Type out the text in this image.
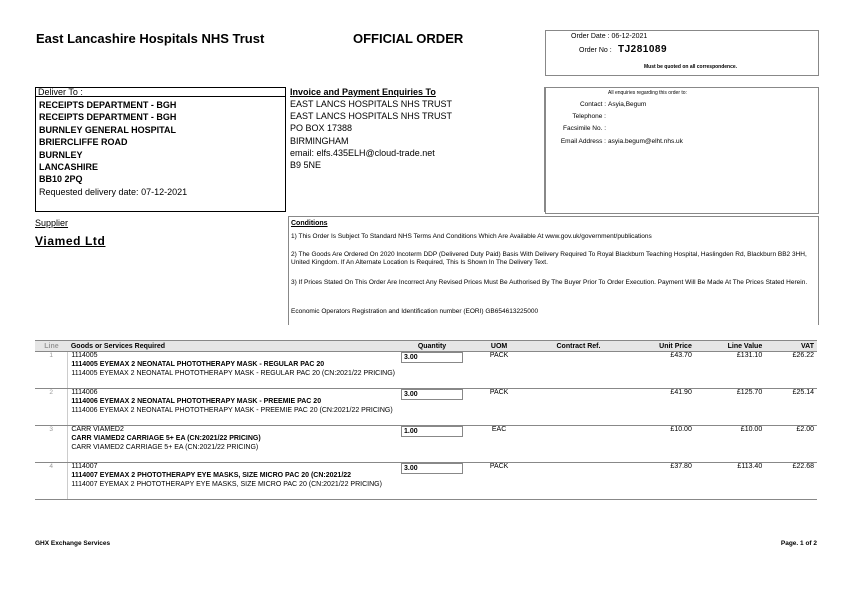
East Lancashire Hospitals NHS Trust	OFFICIAL ORDER	Order Date : 06-12-2021
Order No : TJ281089
Must be quoted on all correspondence.
Deliver To :
RECEIPTS DEPARTMENT - BGH
RECEIPTS DEPARTMENT - BGH
BURNLEY GENERAL HOSPITAL
BRIERCLIFFE ROAD
BURNLEY
LANCASHIRE
BB10 2PQ
Requested delivery date: 07-12-2021
Invoice and Payment Enquiries To
EAST LANCS HOSPITALS NHS TRUST
EAST LANCS HOSPITALS NHS TRUST
PO BOX 17388
BIRMINGHAM
email: elfs.435ELH@cloud-trade.net
B9 5NE
All enquiries regarding this order to:
Contact : Asyia,Begum
Telephone :
Facsimile No. :
Email Address : asyia.begum@elht.nhs.uk
Supplier
Viamed Ltd
Conditions
1) This Order Is Subject To Standard NHS Terms And Conditions Which Are Available At www.gov.uk/government/publications
2) The Goods Are Ordered On 2020 Incoterm DDP (Delivered Duty Paid) Basis With Delivery Required To Royal Blackburn Teaching Hospital, Haslingden Rd, Blackburn BB2 3HH, United Kingdom. If An Alternate Location Is Required, This Is Shown In The Delivery Text.
3) If Prices Stated On This Order Are Incorrect Any Revised Prices Must Be Authorised By The Buyer Prior To Order Execution. Payment Will Be Made At The Prices Stated Herein.
Economic Operators Registration and Identification number (EORI) GB654613225000
Line	Goods or Services Required	Quantity	UOM	Contract Ref.	Unit Price	Line Value	VAT
1	1114005
1114005 EYEMAX 2 NEONATAL PHOTOTHERAPY MASK - REGULAR PAC 20
1114005 EYEMAX 2 NEONATAL PHOTOTHERAPY MASK - REGULAR PAC 20 (CN:2021/22 PRICING)	3.00	PACK		£43.70	£131.10	£26.22
2	1114006
1114006 EYEMAX 2 NEONATAL PHOTOTHERAPY MASK - PREEMIE PAC 20
1114006 EYEMAX 2 NEONATAL PHOTOTHERAPY MASK - PREEMIE PAC 20 (CN:2021/22 PRICING)	3.00	PACK		£41.90	£125.70	£25.14
3	CARR VIAMED2
CARR VIAMED2 CARRIAGE 5+ EA (CN:2021/22 PRICING)
CARR VIAMED2 CARRIAGE 5+ EA (CN:2021/22 PRICING)	1.00	EAC		£10.00	£10.00	£2.00
4	1114007
1114007 EYEMAX 2 PHOTOTHERAPY EYE MASKS, SIZE MICRO PAC 20 (CN:2021/22
1114007 EYEMAX 2 PHOTOTHERAPY EYE MASKS, SIZE MICRO PAC 20 (CN:2021/22 PRICING)	3.00	PACK		£37.80	£113.40	£22.68
GHX Exchange Services	Page. 1 of 2
